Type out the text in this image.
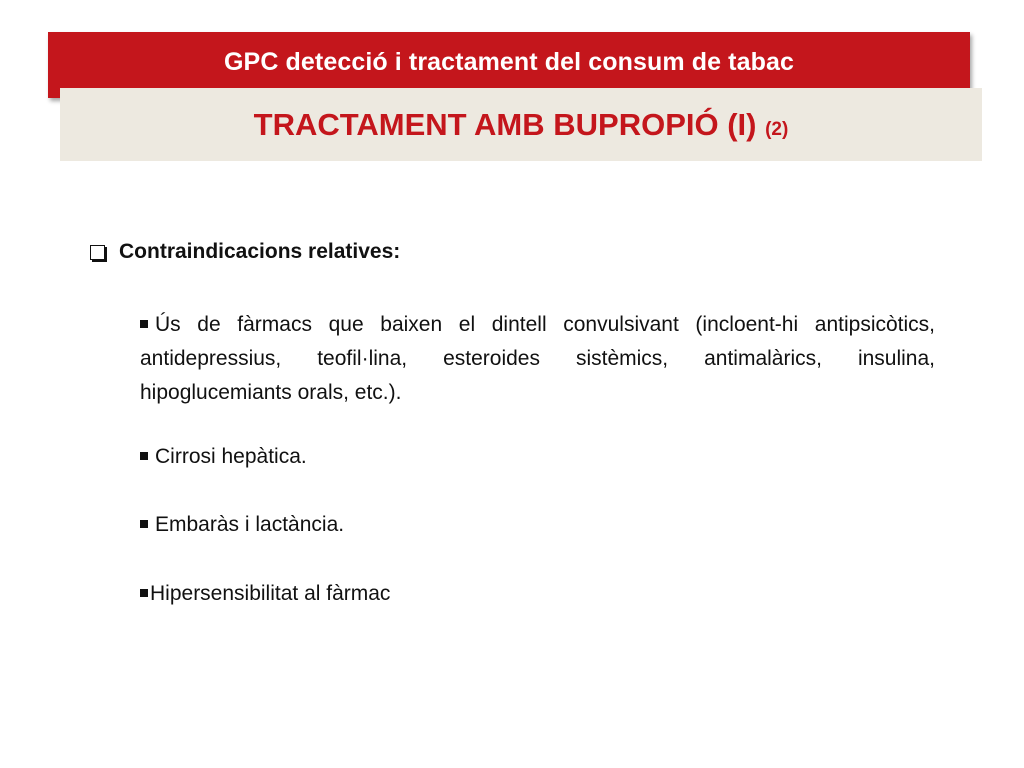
GPC detecció i tractament del consum de tabac
TRACTAMENT AMB BUPROPIÓ (I) (2)
Contraindicacions relatives:
Ús de fàrmacs que baixen el dintell convulsivant (incloent-hi antipsicòtics, antidepressius, teofil·lina, esteroides sistèmics, antimalàrics, insulina, hipoglucemiants orals, etc.).
Cirrosi hepàtica.
Embaràs i lactància.
Hipersensibilitat al fàrmac
